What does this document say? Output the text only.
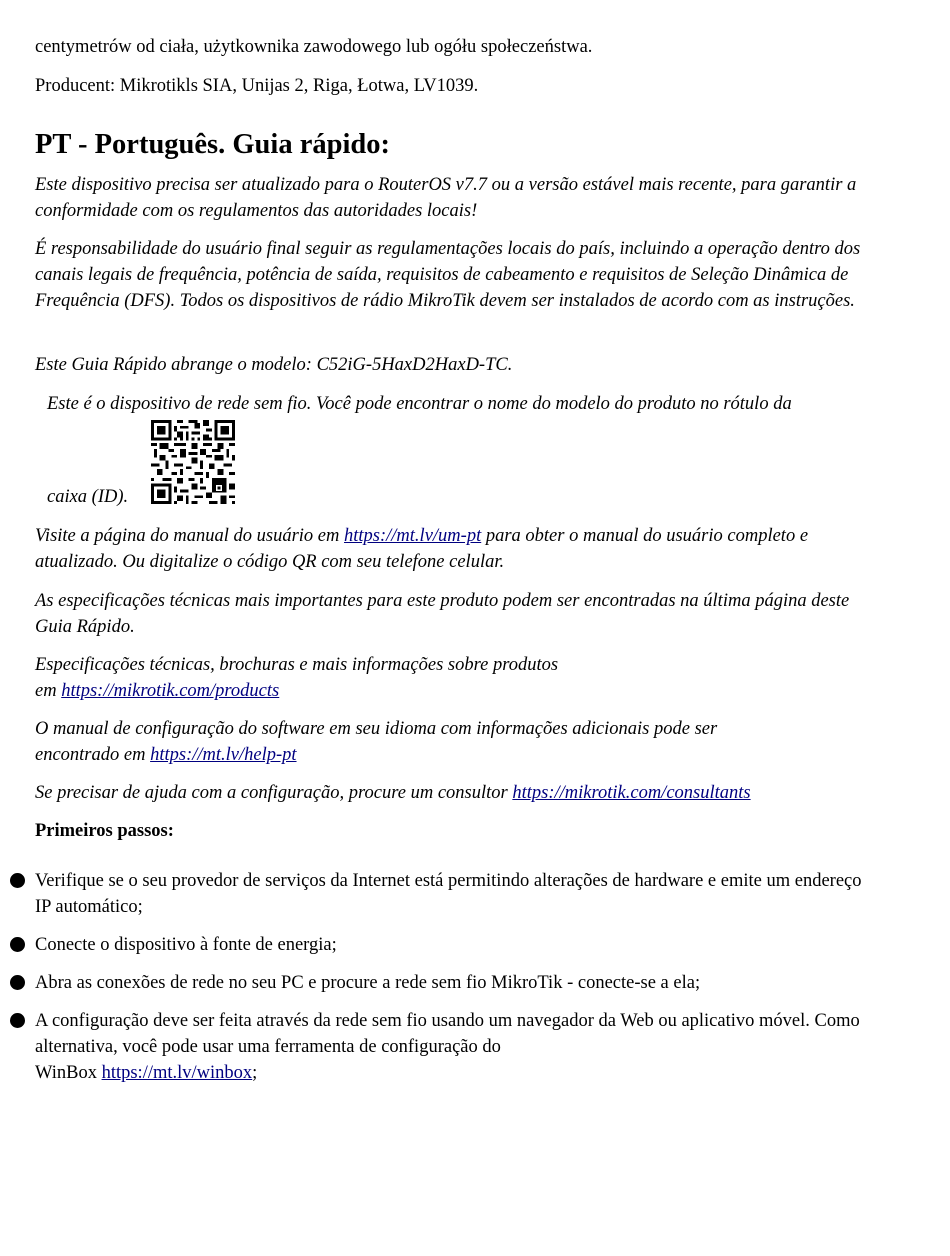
centymetrów od ciała, użytkownika zawodowego lub ogółu społeczeństwa.

Producent: Mikrotikls SIA, Unijas 2, Riga, Łotwa, LV1039.

PT - Português. Guia rápido:

Este dispositivo precisa ser atualizado para o RouterOS v7.7 ou a versão estável mais recente, para garantir a conformidade com os regulamentos das autoridades locais!

É responsabilidade do usuário final seguir as regulamentações locais do país, incluindo a operação dentro dos canais legais de frequência, potência de saída, requisitos de cabeamento e requisitos de Seleção Dinâmica de Frequência (DFS). Todos os dispositivos de rádio MikroTik devem ser instalados de acordo com as instruções.

Este Guia Rápido abrange o modelo: C52iG-5HaxD2HaxD-TC.

Este é o dispositivo de rede sem fio. Você pode encontrar o nome do modelo do produto no rótulo da

caixa (ID).

Visite a página do manual do usuário em https://mt.lv/um-pt para obter o manual do usuário completo e atualizado. Ou digitalize o código QR com seu telefone celular.

As especificações técnicas mais importantes para este produto podem ser encontradas na última página deste Guia Rápido.

Especificações técnicas, brochuras e mais informações sobre produtos
em https://mikrotik.com/products

O manual de configuração do software em seu idioma com informações adicionais pode ser
encontrado em https://mt.lv/help-pt

Se precisar de ajuda com a configuração, procure um consultor https://mikrotik.com/consultants

Primeiros passos:

Verifique se o seu provedor de serviços da Internet está permitindo alterações de hardware e emite um endereço IP automático;

Conecte o dispositivo à fonte de energia;

Abra as conexões de rede no seu PC e procure a rede sem fio MikroTik - conecte-se a ela;

A configuração deve ser feita através da rede sem fio usando um navegador da Web ou aplicativo móvel. Como alternativa, você pode usar uma ferramenta de configuração do
WinBox https://mt.lv/winbox;
